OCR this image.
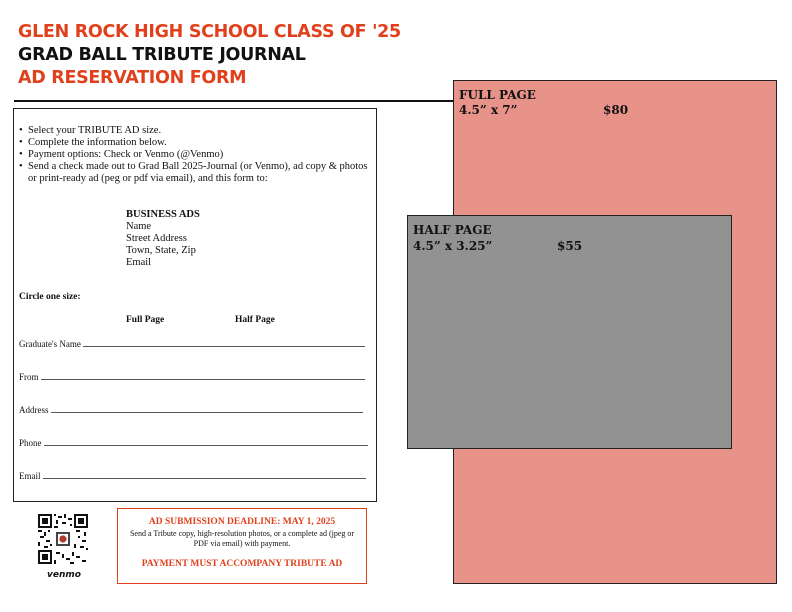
GLEN ROCK HIGH SCHOOL CLASS OF '25
GRAD BALL TRIBUTE JOURNAL
AD RESERVATION FORM
FULL PAGE
4.5” x 7”	$80
HALF PAGE
4.5” x 3.25”	$55
• Select your TRIBUTE AD size.
• Complete the information below.
• Payment options: Check or Venmo (@Venmo)
• Send a check made out to Grad Ball 2025-Journal (or Venmo), ad copy & photos or print-ready ad (peg or pdf via email), and this form to:
BUSINESS ADS
Name
Street Address
Town, State, Zip
Email
Circle one size:
Full Page	Half Page
Graduate's Name
From
Address
Phone
Email
venmo
AD SUBMISSION DEADLINE: MAY 1, 2025
Send a Tribute copy, high-resolution photos, or a complete ad (jpeg or PDF via email) with payment.
PAYMENT MUST ACCOMPANY TRIBUTE AD
